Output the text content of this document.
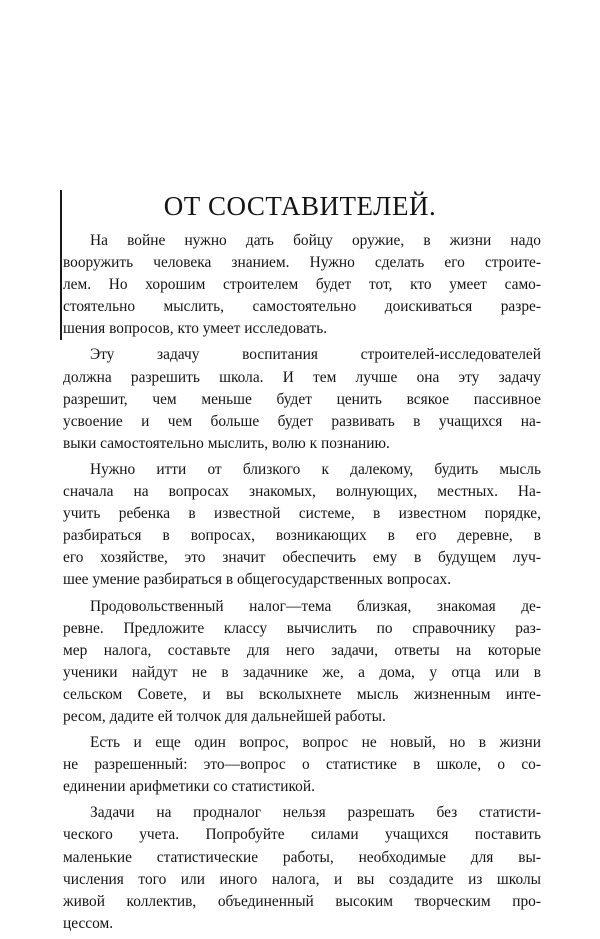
ОТ СОСТАВИТЕЛЕЙ.
На войне нужно дать бойцу оружие, в жизни надо
вооружить человека знанием. Нужно сделать его строите-
лем. Но хорошим строителем будет тот, кто умеет само-
стоятельно мыслить, самостоятельно доискиваться разре-
шения вопросов, кто умеет исследовать.
Эту задачу воспитания строителей-исследователей
должна разрешить школа. И тем лучше она эту задачу
разрешит, чем меньше будет ценить всякое пассивное
усвоение и чем больше будет развивать в учащихся на-
выки самостоятельно мыслить, волю к познанию.
Нужно итти от близкого к далекому, будить мысль
сначала на вопросах знакомых, волнующих, местных. На-
учить ребенка в известной системе, в известном порядке,
разбираться в вопросах, возникающих в его деревне, в
его хозяйстве, это значит обеспечить ему в будущем луч-
шее умение разбираться в общегосударственных вопросах.
Продовольственный налог—тема близкая, знакомая де-
ревне. Предложите классу вычислить по справочнику раз-
мер налога, составьте для него задачи, ответы на которые
ученики найдут не в задачнике же, а дома, у отца или в
сельском Совете, и вы всколыхнете мысль жизненным инте-
ресом, дадите ей толчок для дальнейшей работы.
Есть и еще один вопрос, вопрос не новый, но в жизни
не разрешенный: это—вопрос о статистике в школе, о со-
единении арифметики со статистикой.
Задачи на продналог нельзя разрешать без статисти-
ческого учета. Попробуйте силами учащихся поставить
маленькие статистические работы, необходимые для вы-
числения того или иного налога, и вы создадите из школы
живой коллектив, объединенный высоким творческим про-
цессом.
